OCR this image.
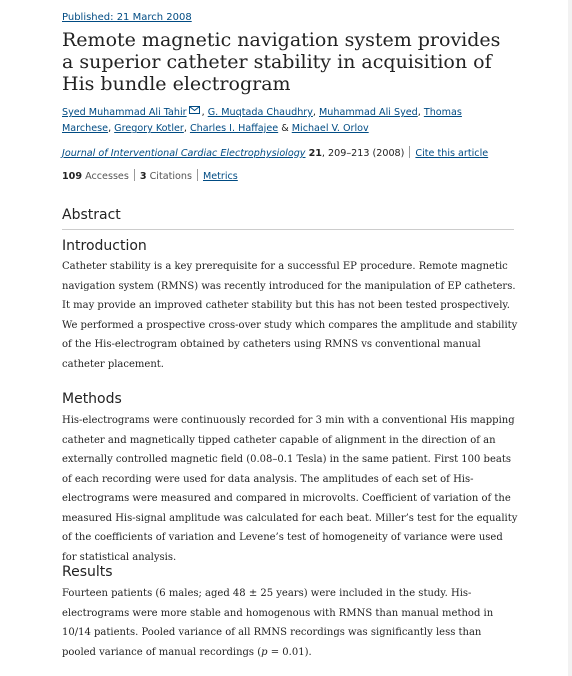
Published: 21 March 2008
Remote magnetic navigation system provides a superior catheter stability in acquisition of His bundle electrogram
Syed Muhammad Ali Tahir , G. Muqtada Chaudhry, Muhammad Ali Syed, Thomas Marchese, Gregory Kotler, Charles I. Haffajee & Michael V. Orlov
Journal of Interventional Cardiac Electrophysiology 21, 209–213 (2008) Cite this article
109 Accesses 3 Citations Metrics
Abstract
Introduction

Catheter stability is a key prerequisite for a successful EP procedure. Remote magnetic navigation system (RMNS) was recently introduced for the manipulation of EP catheters. It may provide an improved catheter stability but this has not been tested prospectively. We performed a prospective cross-over study which compares the amplitude and stability of the His-electrogram obtained by catheters using RMNS vs conventional manual catheter placement.

Methods

His-electrograms were continuously recorded for 3 min with a conventional His mapping catheter and magnetically tipped catheter capable of alignment in the direction of an externally controlled magnetic field (0.08–0.1 Tesla) in the same patient. First 100 beats of each recording were used for data analysis. The amplitudes of each set of His-electrograms were measured and compared in microvolts. Coefficient of variation of the measured His-signal amplitude was calculated for each beat. Miller’s test for the equality of the coefficients of variation and Levene’s test of homogeneity of variance were used for statistical analysis.

Results

Fourteen patients (6 males; aged 48 ± 25 years) were included in the study. His-electrograms were more stable and homogenous with RMNS than manual method in 10/14 patients. Pooled variance of all RMNS recordings was significantly less than pooled variance of manual recordings (p = 0.01).
